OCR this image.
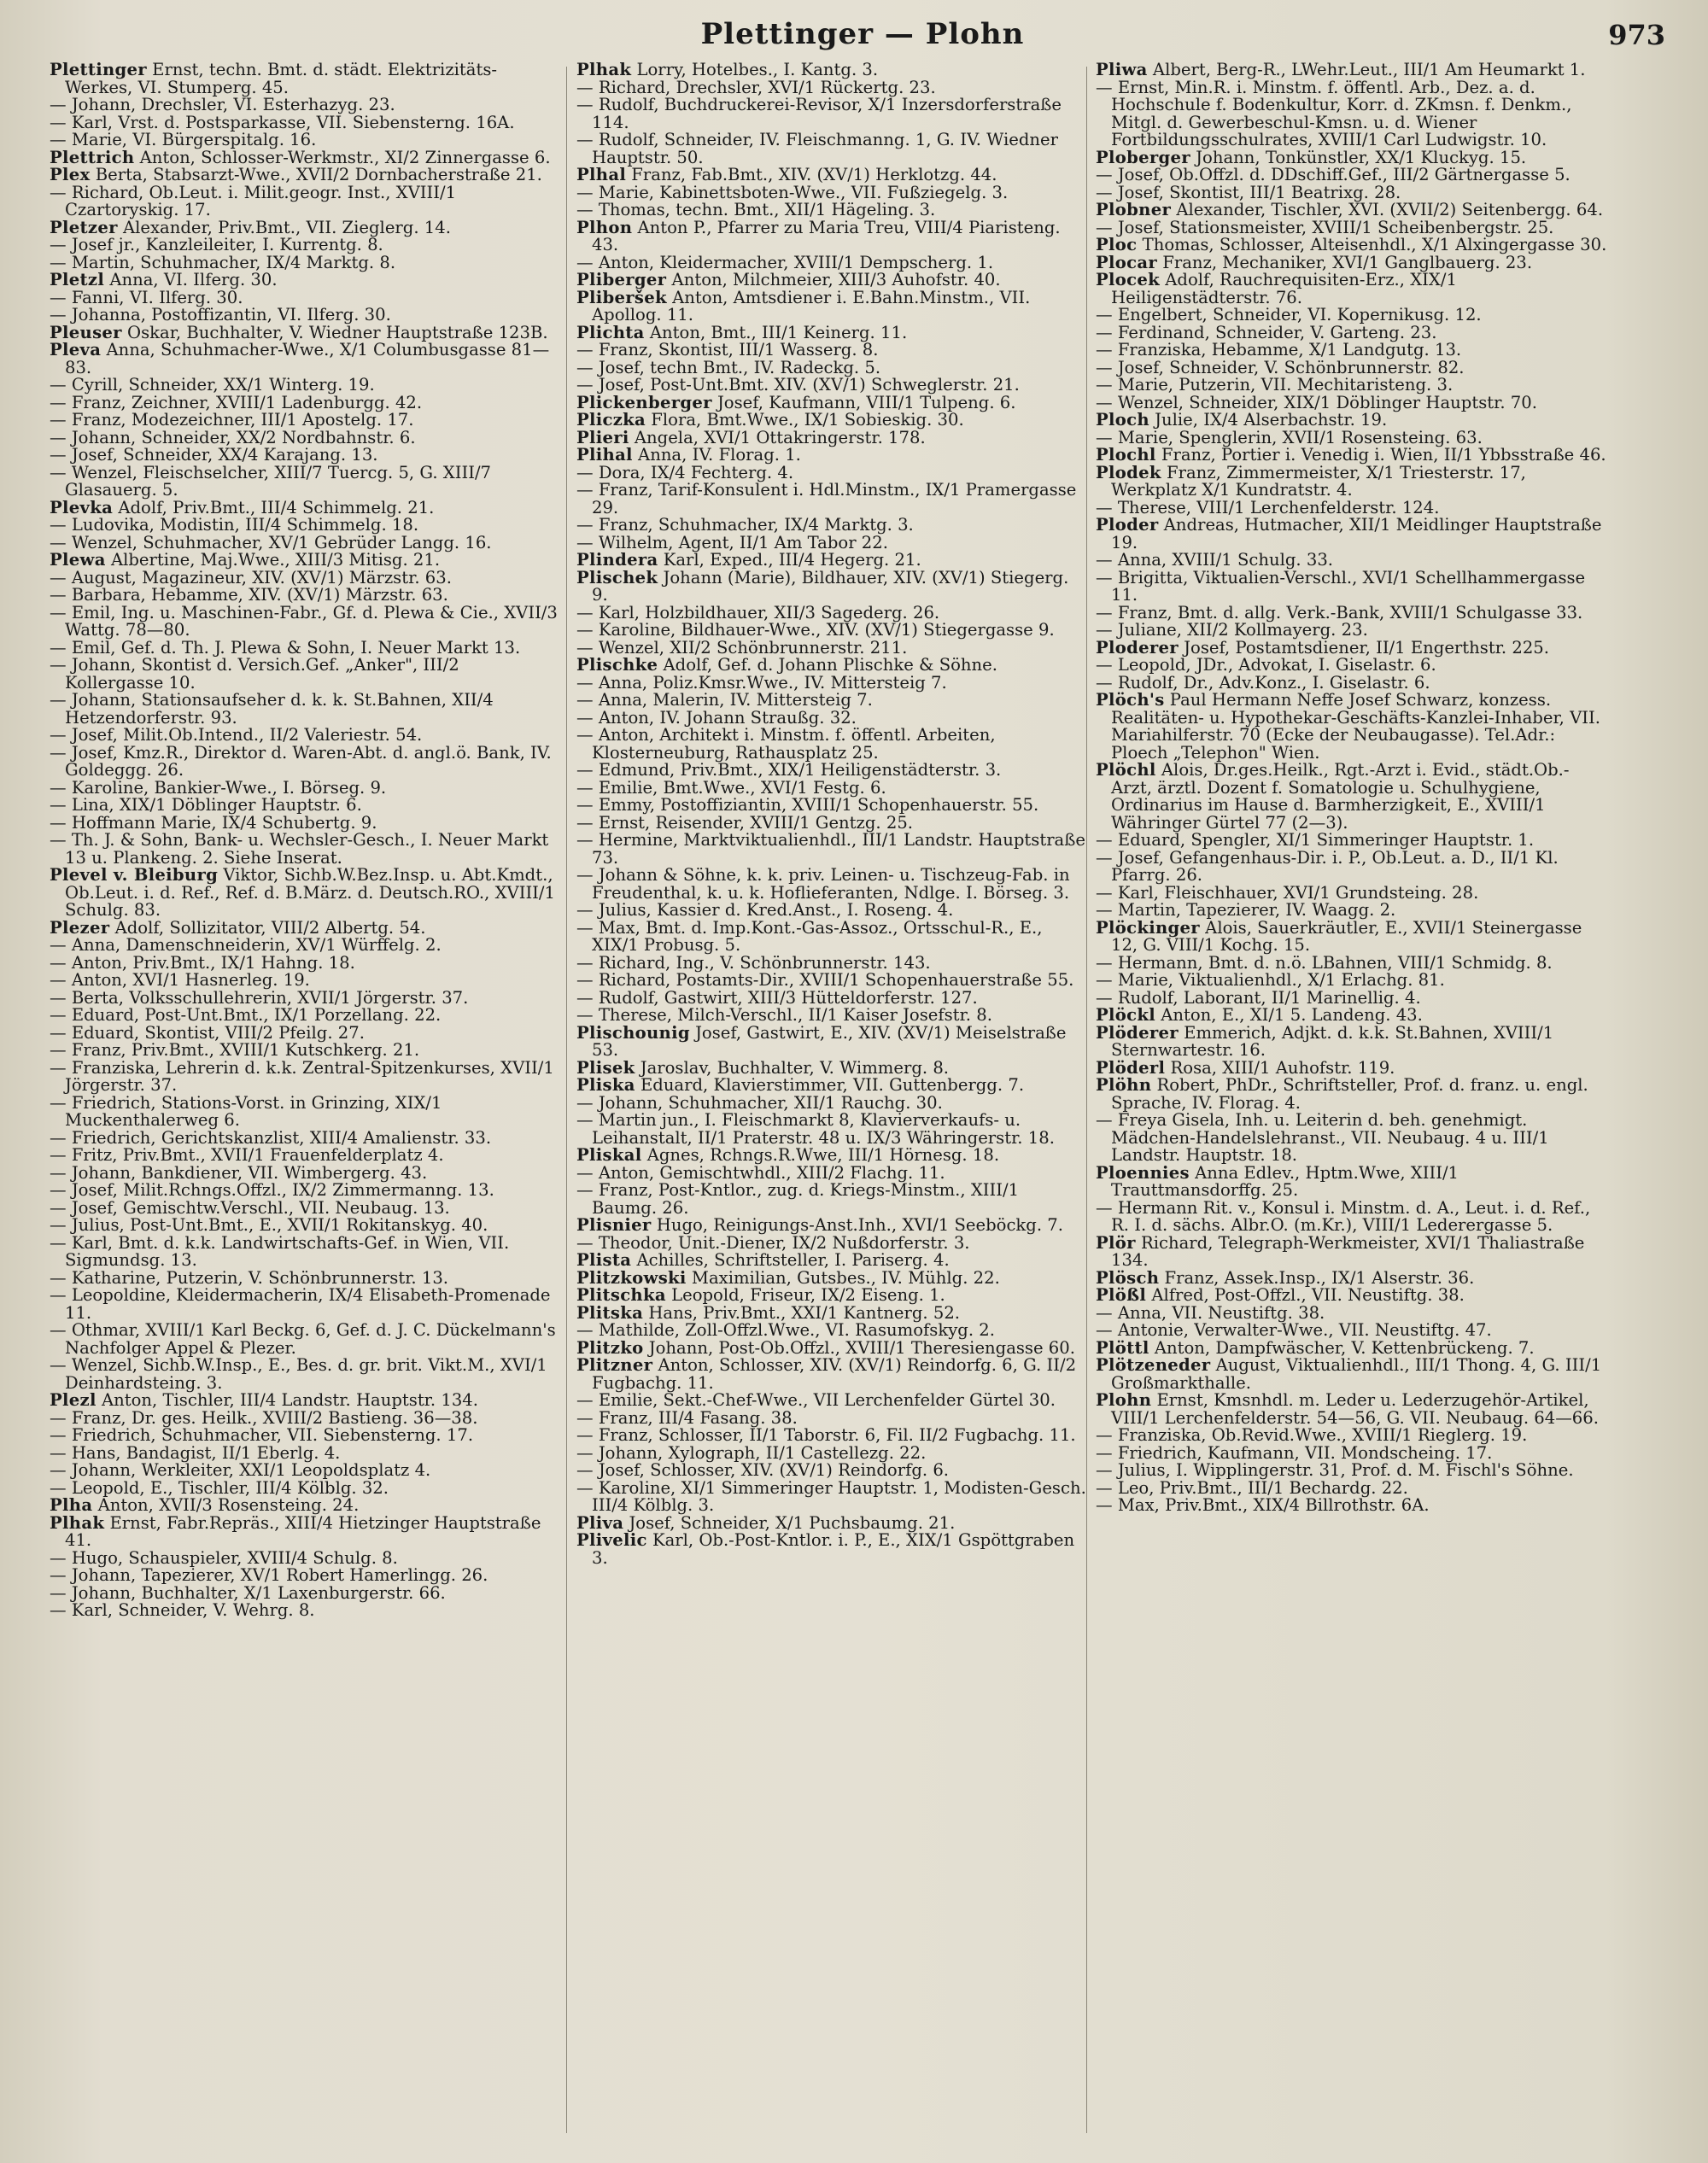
Plettinger — Plohn	973

Plettinger Ernst, techn. Bmt. d. städt. Elektrizitäts-Werkes, VI. Stumperg. 45.

— Johann, Drechsler, VI. Esterhazyg. 23.

— Karl, Vrst. d. Postsparkasse, VII. Siebensterng. 16A.

— Marie, VI. Bürgerspitalg. 16.

Plettrich Anton, Schlosser-Werkmstr., XI/2 Zinnergasse 6.

Plex Berta, Stabsarzt-Wwe., XVII/2 Dornbacherstraße 21.

— Richard, Ob.Leut. i. Milit.geogr. Inst., XVIII/1 Czartoryskig. 17.

Pletzer Alexander, Priv.Bmt., VII. Zieglerg. 14.

— Josef jr., Kanzleileiter, I. Kurrentg. 8.

— Martin, Schuhmacher, IX/4 Marktg. 8.

Pletzl Anna, VI. Ilferg. 30.

— Fanni, VI. Ilferg. 30.

— Johanna, Postoffizantin, VI. Ilferg. 30.

Pleuser Oskar, Buchhalter, V. Wiedner Hauptstraße 123B.

Pleva Anna, Schuhmacher-Wwe., X/1 Columbusgasse 81—83.

— Cyrill, Schneider, XX/1 Winterg. 19.

— Franz, Zeichner, XVIII/1 Ladenburgg. 42.

— Franz, Modezeichner, III/1 Apostelg. 17.

— Johann, Schneider, XX/2 Nordbahnstr. 6.

— Josef, Schneider, XX/4 Karajang. 13.

— Wenzel, Fleischselcher, XIII/7 Tuerсg. 5, G. XIII/7 Glasauerg. 5.

Plevka Adolf, Priv.Bmt., III/4 Schimmelg. 21.

— Ludovika, Modistin, III/4 Schimmelg. 18.

— Wenzel, Schuhmacher, XV/1 Gebrüder Langg. 16.

Plewa Albertine, Maj.Wwe., XIII/3 Mitisg. 21.

— August, Magazineur, XIV. (XV/1) Märzstr. 63.

— Barbara, Hebamme, XIV. (XV/1) Märzstr. 63.

— Emil, Ing. u. Maschinen-Fabr., Gf. d. Plewa & Cie., XVII/3 Wattg. 78—80.

— Emil, Gef. d. Th. J. Plewa & Sohn, I. Neuer Markt 13.

— Johann, Skontist d. Versich.Gef. „Anker", III/2 Kollergasse 10.

— Johann, Stationsaufseher d. k. k. St.Bahnen, XII/4 Hetzendorferstr. 93.

— Josef, Milit.Ob.Intend., II/2 Valeriestr. 54.

— Josef, Kmz.R., Direktor d. Waren-Abt. d. angl.ö. Bank, IV. Goldeggg. 26.

— Karoline, Bankier-Wwe., I. Börseg. 9.

— Lina, XIX/1 Döblinger Hauptstr. 6.

— Hoffmann Marie, IX/4 Schubertg. 9.

— Th. J. & Sohn, Bank- u. Wechsler-Gesch., I. Neuer Markt 13 u. Plankeng. 2. Siehe Inserat.

Plevel v. Bleiburg Viktor, Sichb.W.Bez.Insp. u. Abt.Kmdt., Ob.Leut. i. d. Ref., Ref. d. B.März. d. Deutsch.RO., XVIII/1 Schulg. 83.

Plezer Adolf, Sollizitator, VIII/2 Albertg. 54.

— Anna, Damenschneiderin, XV/1 Würffelg. 2.

— Anton, Priv.Bmt., IX/1 Hahng. 18.

— Anton, XVI/1 Hasnerleg. 19.

— Berta, Volksschullehrerin, XVII/1 Jörgerstr. 37.

— Eduard, Post-Unt.Bmt., IX/1 Porzellang. 22.

— Eduard, Skontist, VIII/2 Pfeilg. 27.

— Franz, Priv.Bmt., XVIII/1 Kutschkerg. 21.

— Franziska, Lehrerin d. k.k. Zentral-Spitzenkurses, XVII/1 Jörgerstr. 37.

— Friedrich, Stations-Vorst. in Grinzing, XIX/1 Muckenthalerweg 6.

— Friedrich, Gerichtskanzlist, XIII/4 Amalienstr. 33.

— Fritz, Priv.Bmt., XVII/1 Frauenfelderplatz 4.

— Johann, Bankdiener, VII. Wimbergerg. 43.

— Josef, Milit.Rchngs.Offzl., IX/2 Zimmermanng. 13.

— Josef, Gemischtw.Verschl., VII. Neubaug. 13.

— Julius, Post-Unt.Bmt., E., XVII/1 Rokitanskyg. 40.

— Karl, Bmt. d. k.k. Landwirtschafts-Gef. in Wien, VII. Sigmundsg. 13.

— Katharine, Putzerin, V. Schönbrunnerstr. 13.

— Leopoldine, Kleidermacherin, IX/4 Elisabeth-Promenade 11.

— Othmar, XVIII/1 Karl Beckg. 6, Gef. d. J. C. Dückelmann's Nachfolger Appel & Plezer.

— Wenzel, Sichb.W.Insp., E., Bes. d. gr. brit. Vikt.M., XVI/1 Deinhardsteing. 3.

Plezl Anton, Tischler, III/4 Landstr. Hauptstr. 134.

— Franz, Dr. ges. Heilk., XVIII/2 Bastieng. 36—38.

— Friedrich, Schuhmacher, VII. Siebensterng. 17.

— Hans, Bandagist, II/1 Eberlg. 4.

— Johann, Werkleiter, XXI/1 Leopoldsplatz 4.

— Leopold, E., Tischler, III/4 Kölblg. 32.

Plha Anton, XVII/3 Rosensteing. 24.

Plhak Ernst, Fabr.Repräs., XIII/4 Hietzinger Hauptstraße 41.

— Hugo, Schauspieler, XVIII/4 Schulg. 8.

— Johann, Tapezierer, XV/1 Robert Hamerlingg. 26.

— Johann, Buchhalter, X/1 Laxenburgerstr. 66.

— Karl, Schneider, V. Wehrg. 8.

Plhak Lorry, Hotelbes., I. Kantg. 3.

— Richard, Drechsler, XVI/1 Rückertg. 23.

— Rudolf, Buchdruckerei-Revisor, X/1 Inzersdorferstraße 114.

— Rudolf, Schneider, IV. Fleischmanng. 1, G. IV. Wiedner Hauptstr. 50.

Plhal Franz, Fab.Bmt., XIV. (XV/1) Herklotzg. 44.

— Marie, Kabinettsboten-Wwe., VII. Fußziegelg. 3.

— Thomas, techn. Bmt., XII/1 Hägeling. 3.

Plhon Anton P., Pfarrer zu Maria Treu, VIII/4 Piaristeng. 43.

— Anton, Kleidermacher, XVIII/1 Dempscherg. 1.

Pliberger Anton, Milchmeier, XIII/3 Auhofstr. 40.

Pliberšek Anton, Amtsdiener i. E.Bahn.Minstm., VII. Apollog. 11.

Plichta Anton, Bmt., III/1 Keinerg. 11.

— Franz, Skontist, III/1 Wasserg. 8.

— Josef, techn Bmt., IV. Radeckg. 5.

— Josef, Post-Unt.Bmt. XIV. (XV/1) Schweglerstr. 21.

Plickenberger Josef, Kaufmann, VIII/1 Tulpeng. 6.

Pliczka Flora, Bmt.Wwe., IX/1 Sobieskig. 30.

Plieri Angela, XVI/1 Ottakringerstr. 178.

Plihal Anna, IV. Florag. 1.

— Dora, IX/4 Fechterg. 4.

— Franz, Tarif-Konsulent i. Hdl.Minstm., IX/1 Pramergasse 29.

— Franz, Schuhmacher, IX/4 Marktg. 3.

— Wilhelm, Agent, II/1 Am Tabor 22.

Plindera Karl, Exped., III/4 Hegerg. 21.

Plischek Johann (Marie), Bildhauer, XIV. (XV/1) Stiegerg. 9.

— Karl, Holzbildhauer, XII/3 Sagederg. 26.

— Karoline, Bildhauer-Wwe., XIV. (XV/1) Stiegergasse 9.

— Wenzel, XII/2 Schönbrunnerstr. 211.

Plischke Adolf, Gef. d. Johann Plischke & Söhne.

— Anna, Poliz.Kmsr.Wwe., IV. Mittersteig 7.

— Anna, Malerin, IV. Mittersteig 7.

— Anton, IV. Johann Straußg. 32.

— Anton, Architekt i. Minstm. f. öffentl. Arbeiten, Klosterneuburg, Rathausplatz 25.

— Edmund, Priv.Bmt., XIX/1 Heiligenstädterstr. 3.

— Emilie, Bmt.Wwe., XVI/1 Festg. 6.

— Emmy, Postoffiziantin, XVIII/1 Schopenhauerstr. 55.

— Ernst, Reisender, XVIII/1 Gentzg. 25.

— Hermine, Marktviktualienhdl., III/1 Landstr. Hauptstraße 73.

— Johann & Söhne, k. k. priv. Leinen- u. Tischzeug-Fab. in Freudenthal, k. u. k. Hoflieferanten, Ndlge. I. Börseg. 3.

— Julius, Kassier d. Kred.Anst., I. Roseng. 4.

— Max, Bmt. d. Imp.Kont.-Gas-Assoz., Ortsschul-R., E., XIX/1 Probusg. 5.

— Richard, Ing., V. Schönbrunnerstr. 143.

— Richard, Postamts-Dir., XVIII/1 Schopenhauerstraße 55.

— Rudolf, Gastwirt, XIII/3 Hütteldorferstr. 127.

— Therese, Milch-Verschl., II/1 Kaiser Josefstr. 8.

Plischounig Josef, Gastwirt, E., XIV. (XV/1) Meiselstraße 53.

Plisek Jaroslav, Buchhalter, V. Wimmerg. 8.

Pliska Eduard, Klavierstimmer, VII. Guttenbergg. 7.

— Johann, Schuhmacher, XII/1 Rauchg. 30.

— Martin jun., I. Fleischmarkt 8, Klavierverkaufs- u. Leihanstalt, II/1 Praterstr. 48 u. IX/3 Währingerstr. 18.

Pliskal Agnes, Rchngs.R.Wwe, III/1 Hörnesg. 18.

— Anton, Gemischtwhdl., XIII/2 Flachg. 11.

— Franz, Post-Kntlor., zug. d. Kriegs-Minstm., XIII/1 Baumg. 26.

Plisnier Hugo, Reinigungs-Anst.Inh., XVI/1 Seeböckg. 7.

— Theodor, Unit.-Diener, IX/2 Nußdorferstr. 3.

Plista Achilles, Schriftsteller, I. Pariserg. 4.

Plitzkowski Maximilian, Gutsbes., IV. Mühlg. 22.

Plitschka Leopold, Friseur, IX/2 Eiseng. 1.

Plitska Hans, Priv.Bmt., XXI/1 Kantnerg. 52.

— Mathilde, Zoll-Offzl.Wwe., VI. Rasumofskyg. 2.

Plitzko Johann, Post-Ob.Offzl., XVIII/1 Theresiengasse 60.

Plitzner Anton, Schlosser, XIV. (XV/1) Reindorfg. 6, G. II/2 Fugbachg. 11.

— Emilie, Sekt.-Chef-Wwe., VII Lerchenfelder Gürtel 30.

— Franz, III/4 Fasang. 38.

— Franz, Schlosser, II/1 Taborstr. 6, Fil. II/2 Fugbachg. 11.

— Johann, Xylograph, II/1 Castellezg. 22.

— Josef, Schlosser, XIV. (XV/1) Reindorfg. 6.

— Karoline, XI/1 Simmeringer Hauptstr. 1, Modisten-Gesch. III/4 Kölblg. 3.

Pliva Josef, Schneider, X/1 Puchsbaumg. 21.

Plivelic Karl, Ob.-Post-Kntlor. i. P., E., XIX/1 Gspöttgraben 3.

Pliwa Albert, Berg-R., LWehr.Leut., III/1 Am Heumarkt 1.

— Ernst, Min.R. i. Minstm. f. öffentl. Arb., Dez. a. d. Hochschule f. Bodenkultur, Korr. d. ZKmsn. f. Denkm., Mitgl. d. Gewerbeschul-Kmsn. u. d. Wiener Fortbildungsschulrates, XVIII/1 Carl Ludwigstr. 10.

Ploberger Johann, Tonkünstler, XX/1 Kluckyg. 15.

— Josef, Ob.Offzl. d. DDschiff.Gef., III/2 Gärtnergasse 5.

— Josef, Skontist, III/1 Beatrixg. 28.

Plobner Alexander, Tischler, XVI. (XVII/2) Seitenbergg. 64.

— Josef, Stationsmeister, XVIII/1 Scheibenbergstr. 25.

Ploc Thomas, Schlosser, Alteisenhdl., X/1 Alxingergasse 30.

Plocar Franz, Mechaniker, XVI/1 Ganglbauerg. 23.

Plocek Adolf, Rauchrequisiten-Erz., XIX/1 Heiligenstädterstr. 76.

— Engelbert, Schneider, VI. Kopernikusg. 12.

— Ferdinand, Schneider, V. Garteng. 23.

— Franziska, Hebamme, X/1 Landgutg. 13.

— Josef, Schneider, V. Schönbrunnerstr. 82.

— Marie, Putzerin, VII. Mechitaristeng. 3.

— Wenzel, Schneider, XIX/1 Döblinger Hauptstr. 70.

Ploch Julie, IX/4 Alserbachstr. 19.

— Marie, Spenglerin, XVII/1 Rosensteing. 63.

Plochl Franz, Portier i. Venedig i. Wien, II/1 Ybbsstraße 46.

Plodek Franz, Zimmermeister, X/1 Triesterstr. 17, Werkplatz X/1 Kundratstr. 4.

— Therese, VIII/1 Lerchenfelderstr. 124.

Ploder Andreas, Hutmacher, XII/1 Meidlinger Hauptstraße 19.

— Anna, XVIII/1 Schulg. 33.

— Brigitta, Viktualien-Verschl., XVI/1 Schellhammergasse 11.

— Franz, Bmt. d. allg. Verk.-Bank, XVIII/1 Schulgasse 33.

— Juliane, XII/2 Kollmayerg. 23.

Ploderer Josef, Postamtsdiener, II/1 Engerthstr. 225.

— Leopold, JDr., Advokat, I. Giselastr. 6.

— Rudolf, Dr., Adv.Konz., I. Giselastr. 6.

Plöch's Paul Hermann Neffe Josef Schwarz, konzess. Realitäten- u. Hypothekar-Geschäfts-Kanzlei-Inhaber, VII. Mariahilferstr. 70 (Ecke der Neubaugasse). Tel.Adr.: Ploech „Telephon" Wien.

Plöchl Alois, Dr.ges.Heilk., Rgt.-Arzt i. Evid., städt.Ob.-Arzt, ärztl. Dozent f. Somatologie u. Schulhygiene, Ordinarius im Hause d. Barmherzigkeit, E., XVIII/1 Währinger Gürtel 77 (2—3).

— Eduard, Spengler, XI/1 Simmeringer Hauptstr. 1.

— Josef, Gefangenhaus-Dir. i. P., Ob.Leut. a. D., II/1 Kl. Pfarrg. 26.

— Karl, Fleischhauer, XVI/1 Grundsteing. 28.

— Martin, Tapezierer, IV. Waagg. 2.

Plöckinger Alois, Sauerkräutler, E., XVII/1 Steinergasse 12, G. VIII/1 Kochg. 15.

— Hermann, Bmt. d. n.ö. LBahnen, VIII/1 Schmidg. 8.

— Marie, Viktualienhdl., X/1 Erlachg. 81.

— Rudolf, Laborant, II/1 Marinellig. 4.

Plöckl Anton, E., XI/1 5. Landeng. 43.

Plöderer Emmerich, Adjkt. d. k.k. St.Bahnen, XVIII/1 Sternwartestr. 16.

Plöderl Rosa, XIII/1 Auhofstr. 119.

Plöhn Robert, PhDr., Schriftsteller, Prof. d. franz. u. engl. Sprache, IV. Florag. 4.

— Freya Gisela, Inh. u. Leiterin d. beh. genehmigt. Mädchen-Handelslehranst., VII. Neubaug. 4 u. III/1 Landstr. Hauptstr. 18.

Ploennies Anna Edlev., Hptm.Wwe, XIII/1 Trauttmansdorffg. 25.

— Hermann Rit. v., Konsul i. Minstm. d. A., Leut. i. d. Ref., R. I. d. sächs. Albr.O. (m.Kr.), VIII/1 Lederergasse 5.

Plör Richard, Telegraph-Werkmeister, XVI/1 Thaliastraße 134.

Plösch Franz, Assek.Insp., IX/1 Alserstr. 36.

Plößl Alfred, Post-Offzl., VII. Neustiftg. 38.

— Anna, VII. Neustiftg. 38.

— Antonie, Verwalter-Wwe., VII. Neustiftg. 47.

Plöttl Anton, Dampfwäscher, V. Kettenbrückeng. 7.

Plötzeneder August, Viktualienhdl., III/1 Thong. 4, G. III/1 Großmarkthalle.

Plohn Ernst, Kmsnhdl. m. Leder u. Lederzugehör-Artikel, VIII/1 Lerchenfelderstr. 54—56, G. VII. Neubaug. 64—66.

— Franziska, Ob.Revid.Wwe., XVIII/1 Rieglerg. 19.

— Friedrich, Kaufmann, VII. Mondscheing. 17.

— Julius, I. Wipplingerstr. 31, Prof. d. M. Fischl's Söhne.

— Leo, Priv.Bmt., III/1 Bechardg. 22.

— Max, Priv.Bmt., XIX/4 Billrothstr. 6A.
